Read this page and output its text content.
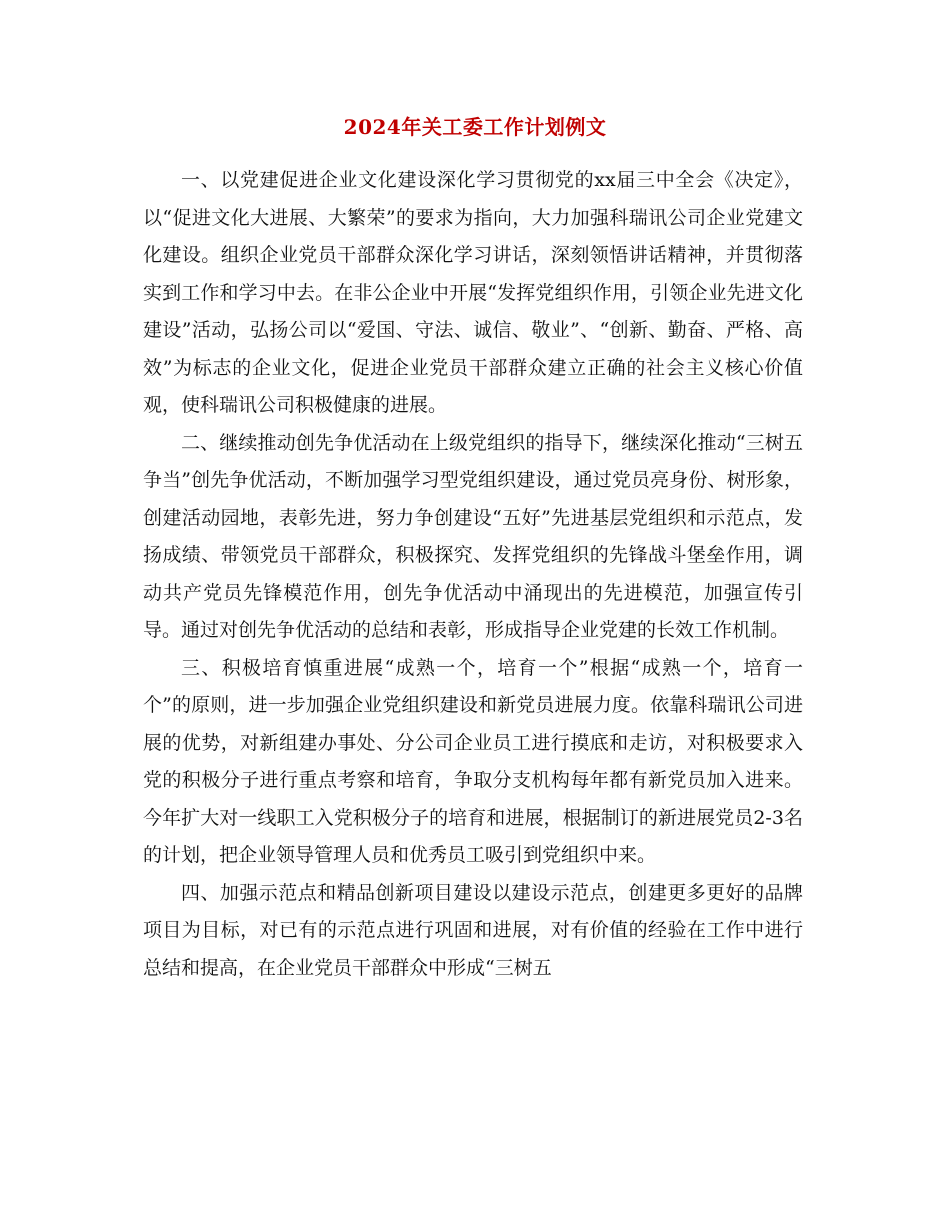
2024年关工委工作计划例文

一、以党建促进企业文化建设深化学习贯彻党的xx届三中全会《决定》，以“促进文化大进展、大繁荣”的要求为指向，大力加强科瑞讯公司企业党建文化建设。组织企业党员干部群众深化学习讲话，深刻领悟讲话精神，并贯彻落实到工作和学习中去。在非公企业中开展“发挥党组织作用，引领企业先进文化建设”活动，弘扬公司以“爱国、守法、诚信、敬业”、“创新、勤奋、严格、高效”为标志的企业文化，促进企业党员干部群众建立正确的社会主义核心价值观，使科瑞讯公司积极健康的进展。

二、继续推动创先争优活动在上级党组织的指导下，继续深化推动“三树五争当”创先争优活动，不断加强学习型党组织建设，通过党员亮身份、树形象，创建活动园地，表彰先进，努力争创建设“五好”先进基层党组织和示范点，发扬成绩、带领党员干部群众，积极探究、发挥党组织的先锋战斗堡垒作用，调动共产党员先锋模范作用，创先争优活动中涌现出的先进模范，加强宣传引导。通过对创先争优活动的总结和表彰，形成指导企业党建的长效工作机制。

三、积极培育慎重进展“成熟一个，培育一个”根据“成熟一个，培育一个”的原则，进一步加强企业党组织建设和新党员进展力度。依靠科瑞讯公司进展的优势，对新组建办事处、分公司企业员工进行摸底和走访，对积极要求入党的积极分子进行重点考察和培育，争取分支机构每年都有新党员加入进来。今年扩大对一线职工入党积极分子的培育和进展，根据制订的新进展党员2-3名的计划，把企业领导管理人员和优秀员工吸引到党组织中来。

四、加强示范点和精品创新项目建设以建设示范点，创建更多更好的品牌项目为目标，对已有的示范点进行巩固和进展，对有价值的经验在工作中进行总结和提高，在企业党员干部群众中形成“三树五
